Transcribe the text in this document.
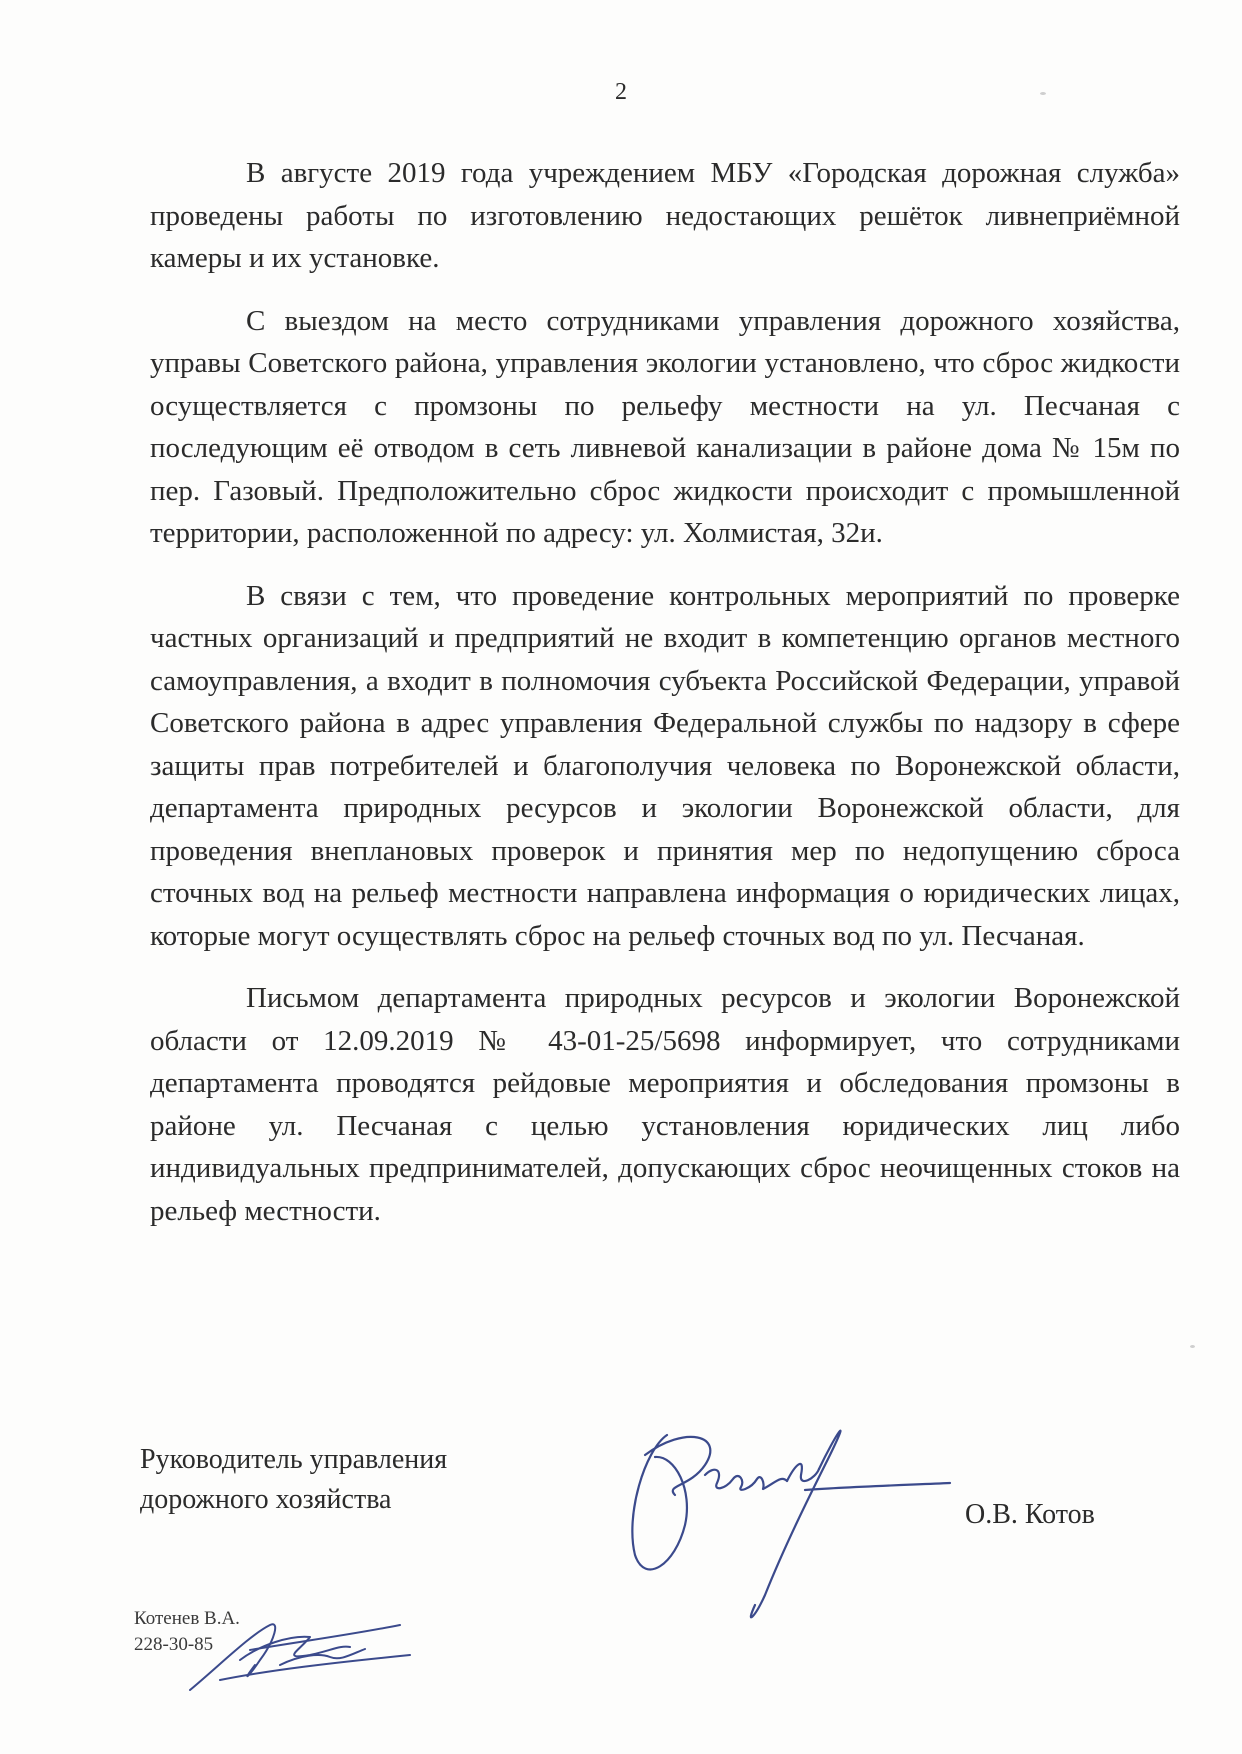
2

В августе 2019 года учреждением МБУ «Городская дорожная служба» проведены работы по изготовлению недостающих решёток ливнеприёмной камеры и их установке.

С выездом на место сотрудниками управления дорожного хозяйства, управы Советского района, управления экологии установлено, что сброс жидкости осуществляется с промзоны по рельефу местности на ул. Песчаная с последующим её отводом в сеть ливневой канализации в районе дома № 15м по пер. Газовый. Предположительно сброс жидкости происходит с промышленной территории, расположенной по адресу: ул. Холмистая, 32и.

В связи с тем, что проведение контрольных мероприятий по проверке частных организаций и предприятий не входит в компетенцию органов местного самоуправления, а входит в полномочия субъекта Российской Федерации, управой Советского района в адрес управления Федеральной службы по надзору в сфере защиты прав потребителей и благополучия человека по Воронежской области, департамента природных ресурсов и экологии Воронежской области, для проведения внеплановых проверок и принятия мер по недопущению сброса сточных вод на рельеф местности направлена информация о юридических лицах, которые могут осуществлять сброс на рельеф сточных вод по ул. Песчаная.

Письмом департамента природных ресурсов и экологии Воронежской области от 12.09.2019 № 43-01-25/5698 информирует, что сотрудниками департамента проводятся рейдовые мероприятия и обследования промзоны в районе ул. Песчаная с целью установления юридических лиц либо индивидуальных предпринимателей, допускающих сброс неочищенных стоков на рельеф местности.

Руководитель управления
дорожного хозяйства	О.В. Котов
Котенев В.А.
228-30-85
